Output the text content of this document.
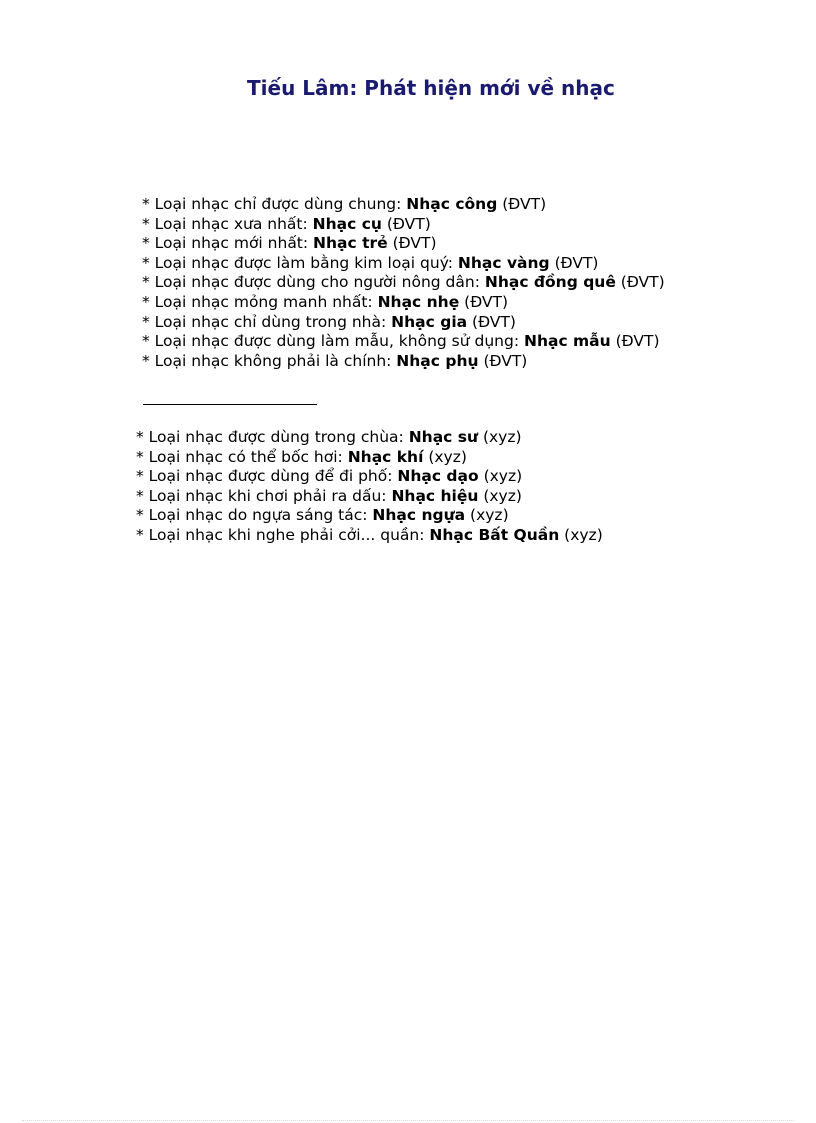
Tiếu Lâm: Phát hiện mới về nhạc
* Loại nhạc chỉ được dùng chung: Nhạc công (ĐVT)
* Loại nhạc xưa nhất: Nhạc cụ (ĐVT)
* Loại nhạc mới nhất: Nhạc trẻ (ĐVT)
* Loại nhạc được làm bằng kim loại quý: Nhạc vàng (ĐVT)
* Loại nhạc được dùng cho người nông dân: Nhạc đồng quê (ĐVT)
* Loại nhạc mỏng manh nhất: Nhạc nhẹ (ĐVT)
* Loại nhạc chỉ dùng trong nhà: Nhạc gia (ĐVT)
* Loại nhạc được dùng làm mẫu, không sử dụng: Nhạc mẫu (ĐVT)
* Loại nhạc không phải là chính: Nhạc phụ (ĐVT)
* Loại nhạc được dùng trong chùa: Nhạc sư (xyz)
* Loại nhạc có thể bốc hơi: Nhạc khí (xyz)
* Loại nhạc được dùng để đi phố: Nhạc dạo (xyz)
* Loại nhạc khi chơi phải ra dấu: Nhạc hiệu (xyz)
* Loại nhạc do ngựa sáng tác: Nhạc ngựa (xyz)
* Loại nhạc khi nghe phải cởi... quần: Nhạc Bất Quần (xyz)
